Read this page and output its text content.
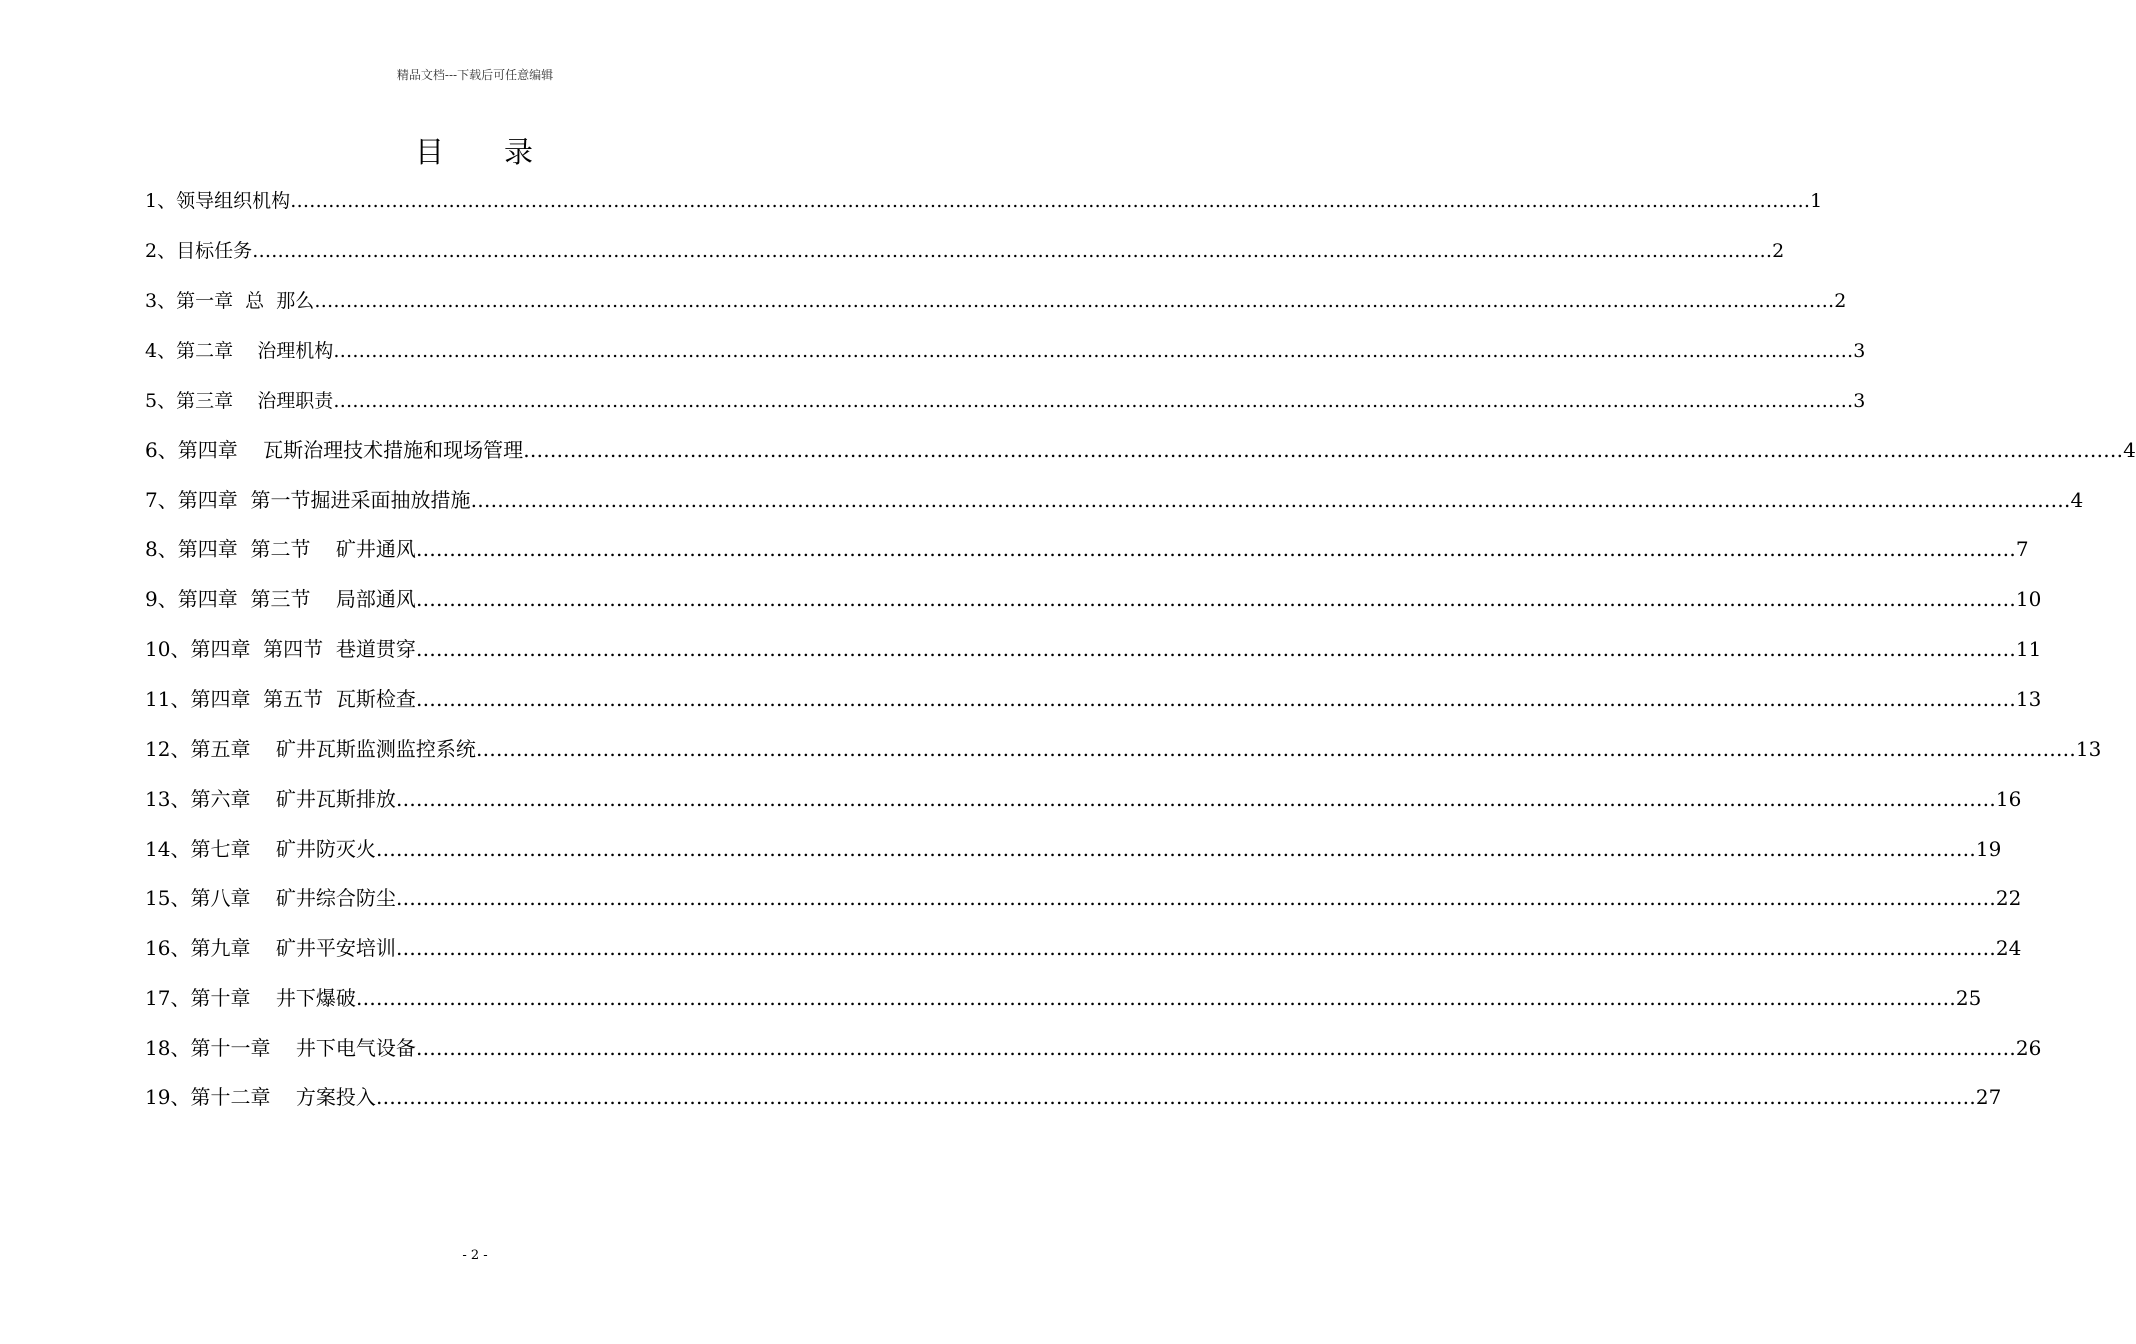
精品文档---下载后可任意编辑
目 录
1、领导组织机构 …………………………………………………………………………………………………………………………………………………………………………………………………………………… 1
2、目标任务 …………………………………………………………………………………………………………………………………………………………………………………………………………………… 2
3、第一章  总  那么 …………………………………………………………………………………………………………………………………………………………………………………………………………………… 2
4、第二章    治理机构 …………………………………………………………………………………………………………………………………………………………………………………………………………………… 3
5、第三章    治理职责 …………………………………………………………………………………………………………………………………………………………………………………………………………………… 3
6、第四章    瓦斯治理技术措施和现场管理 …………………………………………………………………………………………………………………………………………………………………………………………………………………… 4
7、第四章  第一节掘进采面抽放措施 …………………………………………………………………………………………………………………………………………………………………………………………………………………… 4
8、第四章  第二节    矿井通风 …………………………………………………………………………………………………………………………………………………………………………………………………………………… 7
9、第四章  第三节    局部通风 …………………………………………………………………………………………………………………………………………………………………………………………………………………… 10
10、第四章  第四节  巷道贯穿 …………………………………………………………………………………………………………………………………………………………………………………………………………………… 11
11、第四章  第五节  瓦斯检查 …………………………………………………………………………………………………………………………………………………………………………………………………………………… 13
12、第五章    矿井瓦斯监测监控系统 …………………………………………………………………………………………………………………………………………………………………………………………………………………… 13
13、第六章    矿井瓦斯排放 …………………………………………………………………………………………………………………………………………………………………………………………………………………… 16
14、第七章    矿井防灭火 …………………………………………………………………………………………………………………………………………………………………………………………………………………… 19
15、第八章    矿井综合防尘 …………………………………………………………………………………………………………………………………………………………………………………………………………………… 22
16、第九章    矿井平安培训 …………………………………………………………………………………………………………………………………………………………………………………………………………………… 24
17、第十章    井下爆破 …………………………………………………………………………………………………………………………………………………………………………………………………………………… 25
18、第十一章    井下电气设备 …………………………………………………………………………………………………………………………………………………………………………………………………………………… 26
19、第十二章    方案投入 …………………………………………………………………………………………………………………………………………………………………………………………………………………… 27
- 2 -
